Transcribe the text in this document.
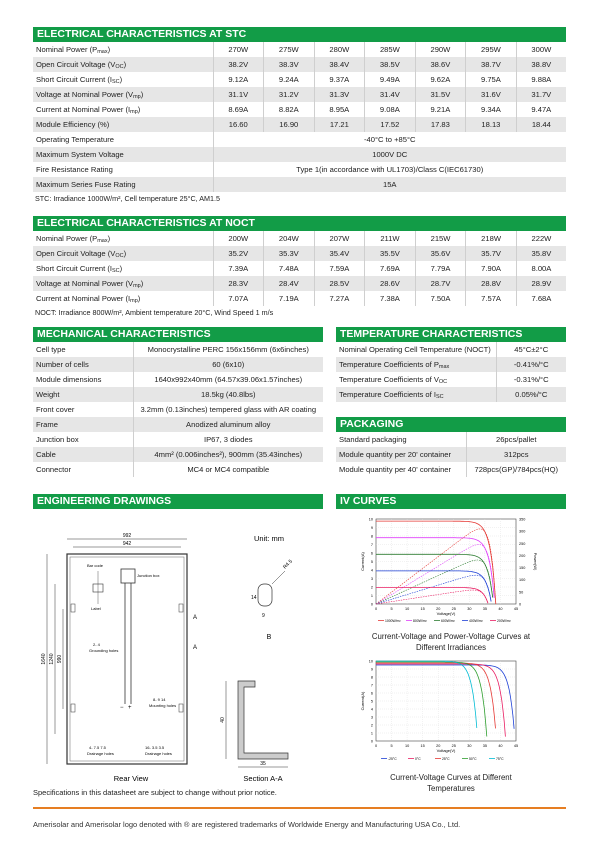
ELECTRICAL CHARACTERISTICS AT STC
Nominal Power (Pmax)	270W	275W	280W	285W	290W	295W	300W
Open Circuit Voltage (VOC)	38.2V	38.3V	38.4V	38.5V	38.6V	38.7V	38.8V
Short Circuit Current (ISC)	9.12A	9.24A	9.37A	9.49A	9.62A	9.75A	9.88A
Voltage at Nominal Power (Vmp)	31.1V	31.2V	31.3V	31.4V	31.5V	31.6V	31.7V
Current at Nominal Power (Imp)	8.69A	8.82A	8.95A	9.08A	9.21A	9.34A	9.47A
Module Efficiency (%)	16.60	16.90	17.21	17.52	17.83	18.13	18.44
Operating Temperature	-40°C to +85°C						
Maximum System Voltage	1000V DC						
Fire Resistance Rating	Type 1(in accordance with UL1703)/Class C(IEC61730)						
Maximum Series Fuse Rating	15A						
STC: Irradiance 1000W/m², Cell temperature 25°C, AM1.5
ELECTRICAL CHARACTERISTICS AT NOCT
Nominal Power (Pmax)	200W	204W	207W	211W	215W	218W	222W
Open Circuit Voltage (VOC)	35.2V	35.3V	35.4V	35.5V	35.6V	35.7V	35.8V
Short Circuit Current (ISC)	7.39A	7.48A	7.59A	7.69A	7.79A	7.90A	8.00A
Voltage at Nominal Power (Vmp)	28.3V	28.4V	28.5V	28.6V	28.7V	28.8V	28.9V
Current at Nominal Power (Imp)	7.07A	7.19A	7.27A	7.38A	7.50A	7.57A	7.68A
NOCT: Irradiance 800W/m², Ambient temperature 20°C, Wind Speed 1 m/s
MECHANICAL CHARACTERISTICS
Cell type	Monocrystalline PERC 156x156mm (6x6inches)
Number of cells	60 (6x10)
Module dimensions	1640x992x40mm (64.57x39.06x1.57inches)
Weight	18.5kg (40.8lbs)
Front cover	3.2mm (0.13inches) tempered glass with AR coating
Frame	Anodized aluminum alloy
Junction box	IP67, 3 diodes
Cable	4mm² (0.006inches²), 900mm (35.43inches)
Connector	MC4 or MC4 compatible
TEMPERATURE CHARACTERISTICS
Nominal Operating Cell Temperature (NOCT)	45°C±2°C
Temperature Coefficients of Pmax	-0.41%/°C
Temperature Coefficients of VOC	-0.31%/°C
Temperature Coefficients of ISC	0.05%/°C
PACKAGING
Standard packaging	26pcs/pallet
Module quantity per 20' container	312pcs
Module quantity per 40' container	728pcs(GP)/784pcs(HQ)
ENGINEERING DRAWINGS
992
942
1640 1240 990
− +
Junction box
Bar code
Label
2- 4
Grounding holes
8- 9 14
Mounting holes
4- 7.5 7.5
Drainage holes
16- 3.5 3.5
Drainage holes
A
A
Rear View
Unit: mm
R4.5
14
9
B
40
35
Section A-A
IV CURVES
0
1
2
3
4
5
6
7
8
9
10
0
50
100
150
200
250
300
350
0	5	10	15	20	25	30	35	40	45
Voltage(V)
Current(A)	Power(W)
1000W/m²	800W/m²	600W/m²	400W/m²	200W/m²
Current-Voltage and Power-Voltage Curves at Different Irradiances
0
1
2
3
4
5
6
7
8
9
10
0	5	10	15	20	25	30	35	40	45
Voltage(V)
Current(A)
-25°C	0°C	25°C	50°C	75°C
Current-Voltage Curves at Different Temperatures
Specifications in this datasheet are subject to change without prior notice.
Amerisolar and Amerisolar logo denoted with ® are registered trademarks of Worldwide Energy and Manufacturing USA Co., Ltd.
